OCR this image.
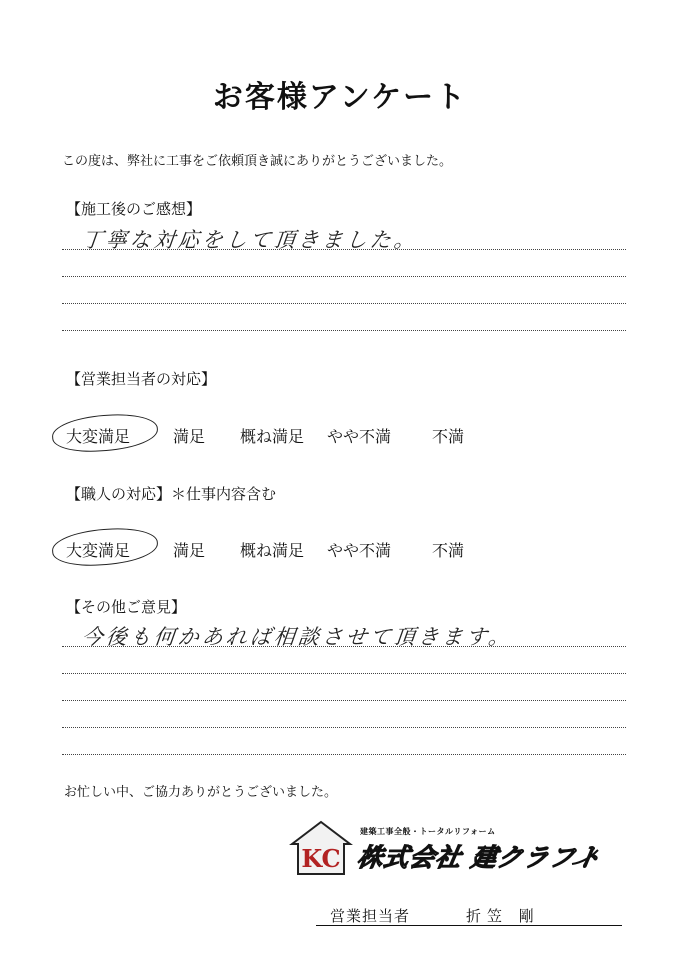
お客様アンケート
この度は、弊社に工事をご依頼頂き誠にありがとうございました。
【施工後のご感想】
丁寧な対応をして頂きました。
【営業担当者の対応】
大変満足	満足 概ね満足 やや不満	不満
【職人の対応】＊仕事内容含む
大変満足	満足 概ね満足 やや不満	不満
【その他ご意見】
今後も何かあれば相談させて頂きます。
お忙しい中、ご協力ありがとうございました。
KC
建築工事全般・トータルリフォーム
株式会社 建クラフト
営業担当者	折笠 剛
